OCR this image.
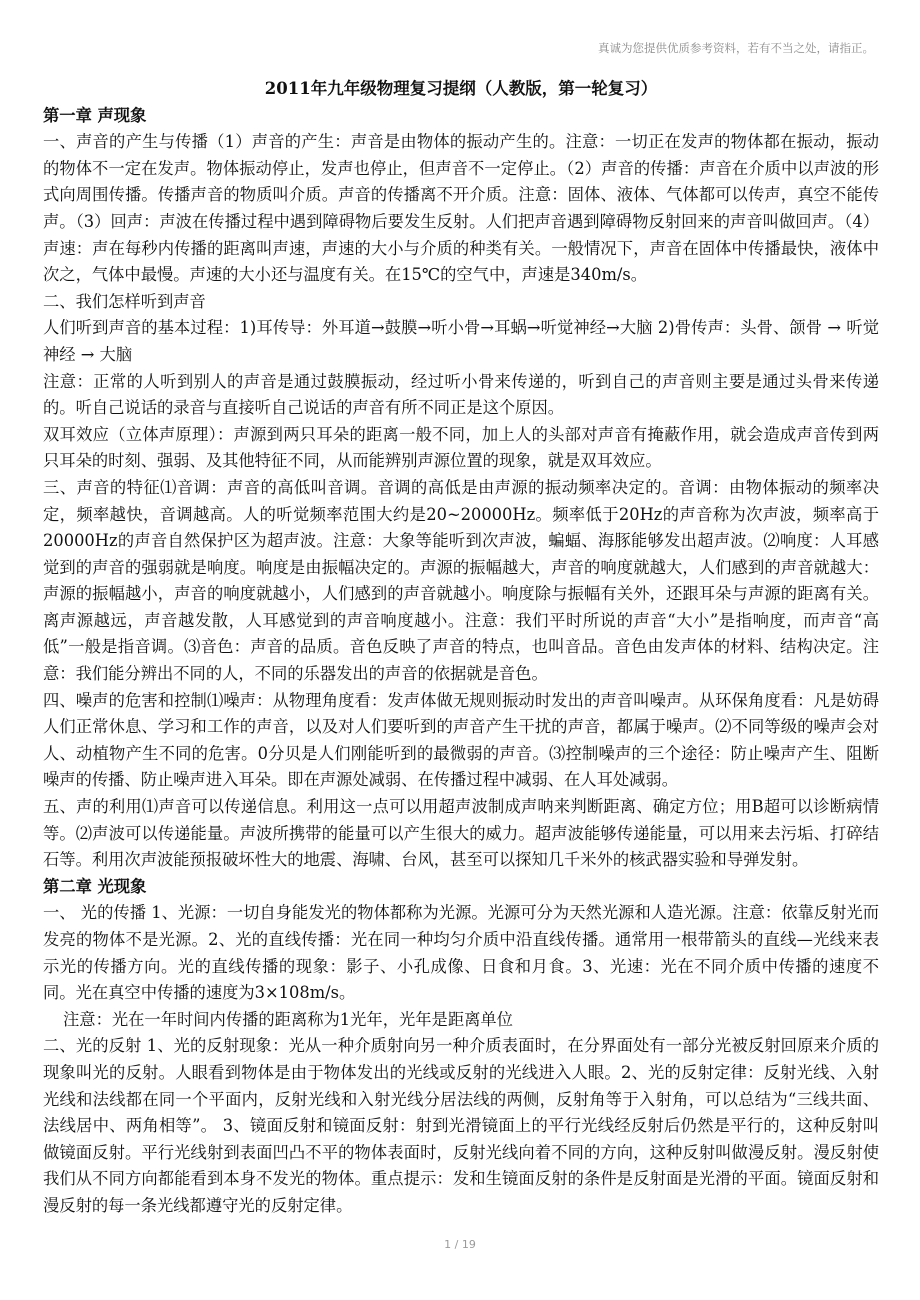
真诚为您提供优质参考资料，若有不当之处，请指正。

2011年九年级物理复习提纲（人教版，第一轮复习）

第一章 声现象

一、声音的产生与传播（1）声音的产生：声音是由物体的振动产生的。注意：一切正在发声的物体都在振动，振动的物体不一定在发声。物体振动停止，发声也停止，但声音不一定停止。（2）声音的传播：声音在介质中以声波的形式向周围传播。传播声音的物质叫介质。声音的传播离不开介质。注意：固体、液体、气体都可以传声，真空不能传声。（3）回声：声波在传播过程中遇到障碍物后要发生反射。人们把声音遇到障碍物反射回来的声音叫做回声。（4）声速：声在每秒内传播的距离叫声速，声速的大小与介质的种类有关。一般情况下，声音在固体中传播最快，液体中次之，气体中最慢。声速的大小还与温度有关。在15℃的空气中，声速是340m/s。

二、我们怎样听到声音

人们听到声音的基本过程：1)耳传导：外耳道→鼓膜→听小骨→耳蜗→听觉神经→大脑 2)骨传声：头骨、颌骨 → 听觉神经 → 大脑

注意：正常的人听到别人的声音是通过鼓膜振动，经过听小骨来传递的，听到自己的声音则主要是通过头骨来传递的。听自己说话的录音与直接听自己说话的声音有所不同正是这个原因。

双耳效应（立体声原理）：声源到两只耳朵的距离一般不同，加上人的头部对声音有掩蔽作用，就会造成声音传到两只耳朵的时刻、强弱、及其他特征不同，从而能辨别声源位置的现象，就是双耳效应。

三、声音的特征⑴音调：声音的高低叫音调。音调的高低是由声源的振动频率决定的。音调：由物体振动的频率决定，频率越快，音调越高。人的听觉频率范围大约是20~20000Hz。频率低于20Hz的声音称为次声波，频率高于20000Hz的声音自然保护区为超声波。注意：大象等能听到次声波，蝙蝠、海豚能够发出超声波。⑵响度：人耳感觉到的声音的强弱就是响度。响度是由振幅决定的。声源的振幅越大，声音的响度就越大，人们感到的声音就越大：声源的振幅越小，声音的响度就越小，人们感到的声音就越小。响度除与振幅有关外，还跟耳朵与声源的距离有关。离声源越远，声音越发散，人耳感觉到的声音响度越小。注意：我们平时所说的声音“大小”是指响度，而声音“高低”一般是指音调。⑶音色：声音的品质。音色反映了声音的特点，也叫音品。音色由发声体的材料、结构决定。注意：我们能分辨出不同的人，不同的乐器发出的声音的依据就是音色。

四、噪声的危害和控制⑴噪声：从物理角度看：发声体做无规则振动时发出的声音叫噪声。从环保角度看：凡是妨碍人们正常休息、学习和工作的声音，以及对人们要听到的声音产生干扰的声音，都属于噪声。⑵不同等级的噪声会对人、动植物产生不同的危害。0分贝是人们刚能听到的最微弱的声音。⑶控制噪声的三个途径：防止噪声产生、阻断噪声的传播、防止噪声进入耳朵。即在声源处减弱、在传播过程中减弱、在人耳处减弱。

五、声的利用⑴声音可以传递信息。利用这一点可以用超声波制成声呐来判断距离、确定方位；用B超可以诊断病情等。⑵声波可以传递能量。声波所携带的能量可以产生很大的威力。超声波能够传递能量，可以用来去污垢、打碎结石等。利用次声波能预报破坏性大的地震、海啸、台风，甚至可以探知几千米外的核武器实验和导弹发射。

第二章 光现象

一、 光的传播 1、光源：一切自身能发光的物体都称为光源。光源可分为天然光源和人造光源。注意：依靠反射光而发亮的物体不是光源。2、光的直线传播：光在同一种均匀介质中沿直线传播。通常用一根带箭头的直线—光线来表示光的传播方向。光的直线传播的现象：影子、小孔成像、日食和月食。3、光速：光在不同介质中传播的速度不同。光在真空中传播的速度为3×108m/s。

注意：光在一年时间内传播的距离称为1光年，光年是距离单位

二、光的反射 1、光的反射现象：光从一种介质射向另一种介质表面时，在分界面处有一部分光被反射回原来介质的现象叫光的反射。人眼看到物体是由于物体发出的光线或反射的光线进入人眼。2、光的反射定律：反射光线、入射光线和法线都在同一个平面内，反射光线和入射光线分居法线的两侧，反射角等于入射角，可以总结为“三线共面、法线居中、两角相等”。 3、镜面反射和镜面反射：射到光滑镜面上的平行光线经反射后仍然是平行的，这种反射叫做镜面反射。平行光线射到表面凹凸不平的物体表面时，反射光线向着不同的方向，这种反射叫做漫反射。漫反射使我们从不同方向都能看到本身不发光的物体。重点提示：发和生镜面反射的条件是反射面是光滑的平面。镜面反射和漫反射的每一条光线都遵守光的反射定律。

1 / 19
